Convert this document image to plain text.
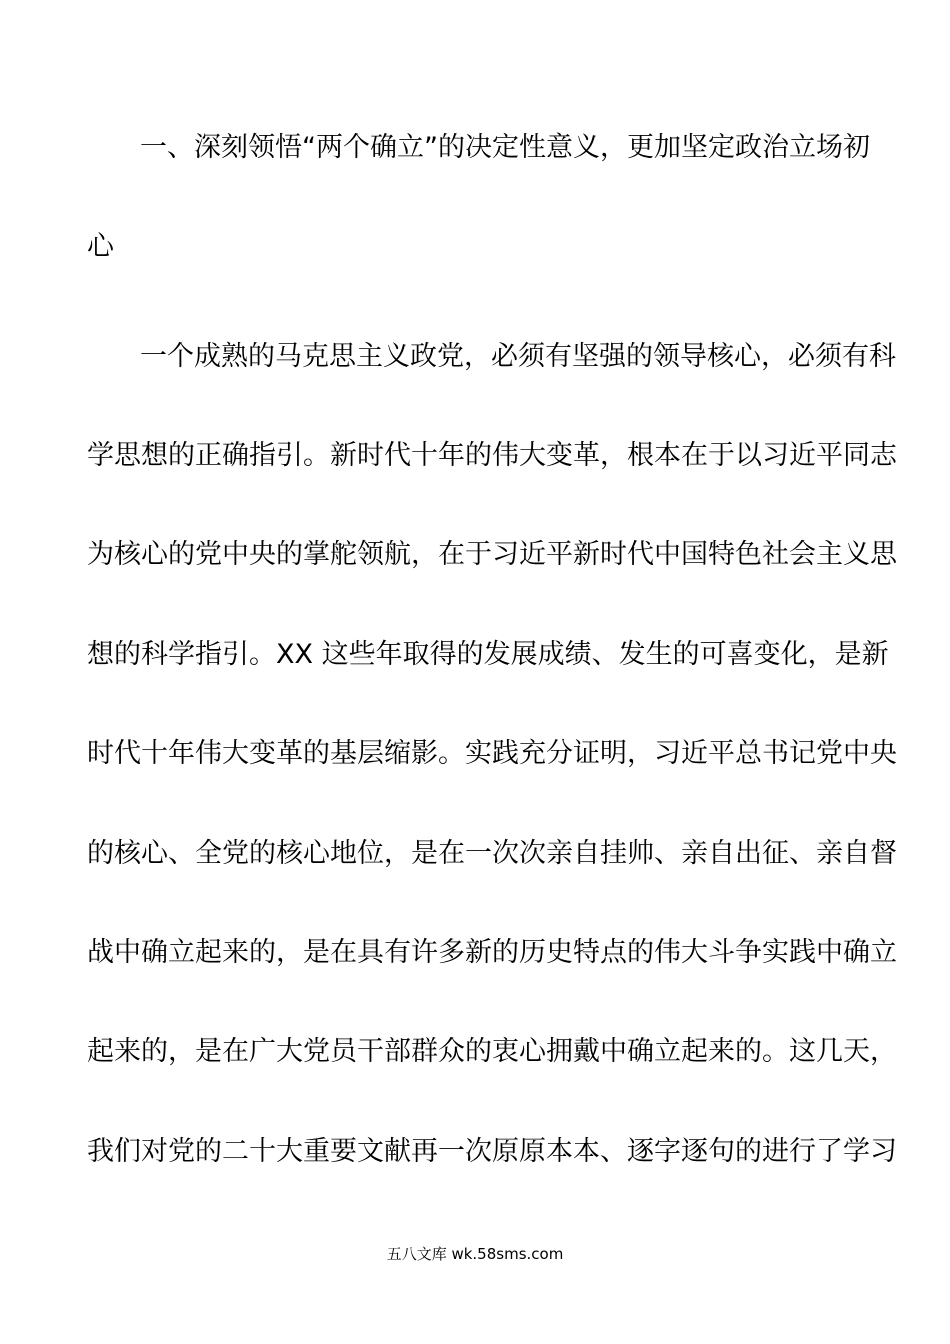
一、深刻领悟“两个确立”的决定性意义，更加坚定政治立场初
心
一个成熟的马克思主义政党，必须有坚强的领导核心，必须有科
学思想的正确指引。新时代十年的伟大变革，根本在于以习近平同志
为核心的党中央的掌舵领航，在于习近平新时代中国特色社会主义思
想的科学指引。XX 这些年取得的发展成绩、发生的可喜变化，是新
时代十年伟大变革的基层缩影。实践充分证明，习近平总书记党中央
的核心、全党的核心地位，是在一次次亲自挂帅、亲自出征、亲自督
战中确立起来的，是在具有许多新的历史特点的伟大斗争实践中确立
起来的，是在广大党员干部群众的衷心拥戴中确立起来的。这几天，
我们对党的二十大重要文献再一次原原本本、逐字逐句的进行了学习
五八文库 wk.58sms.com
